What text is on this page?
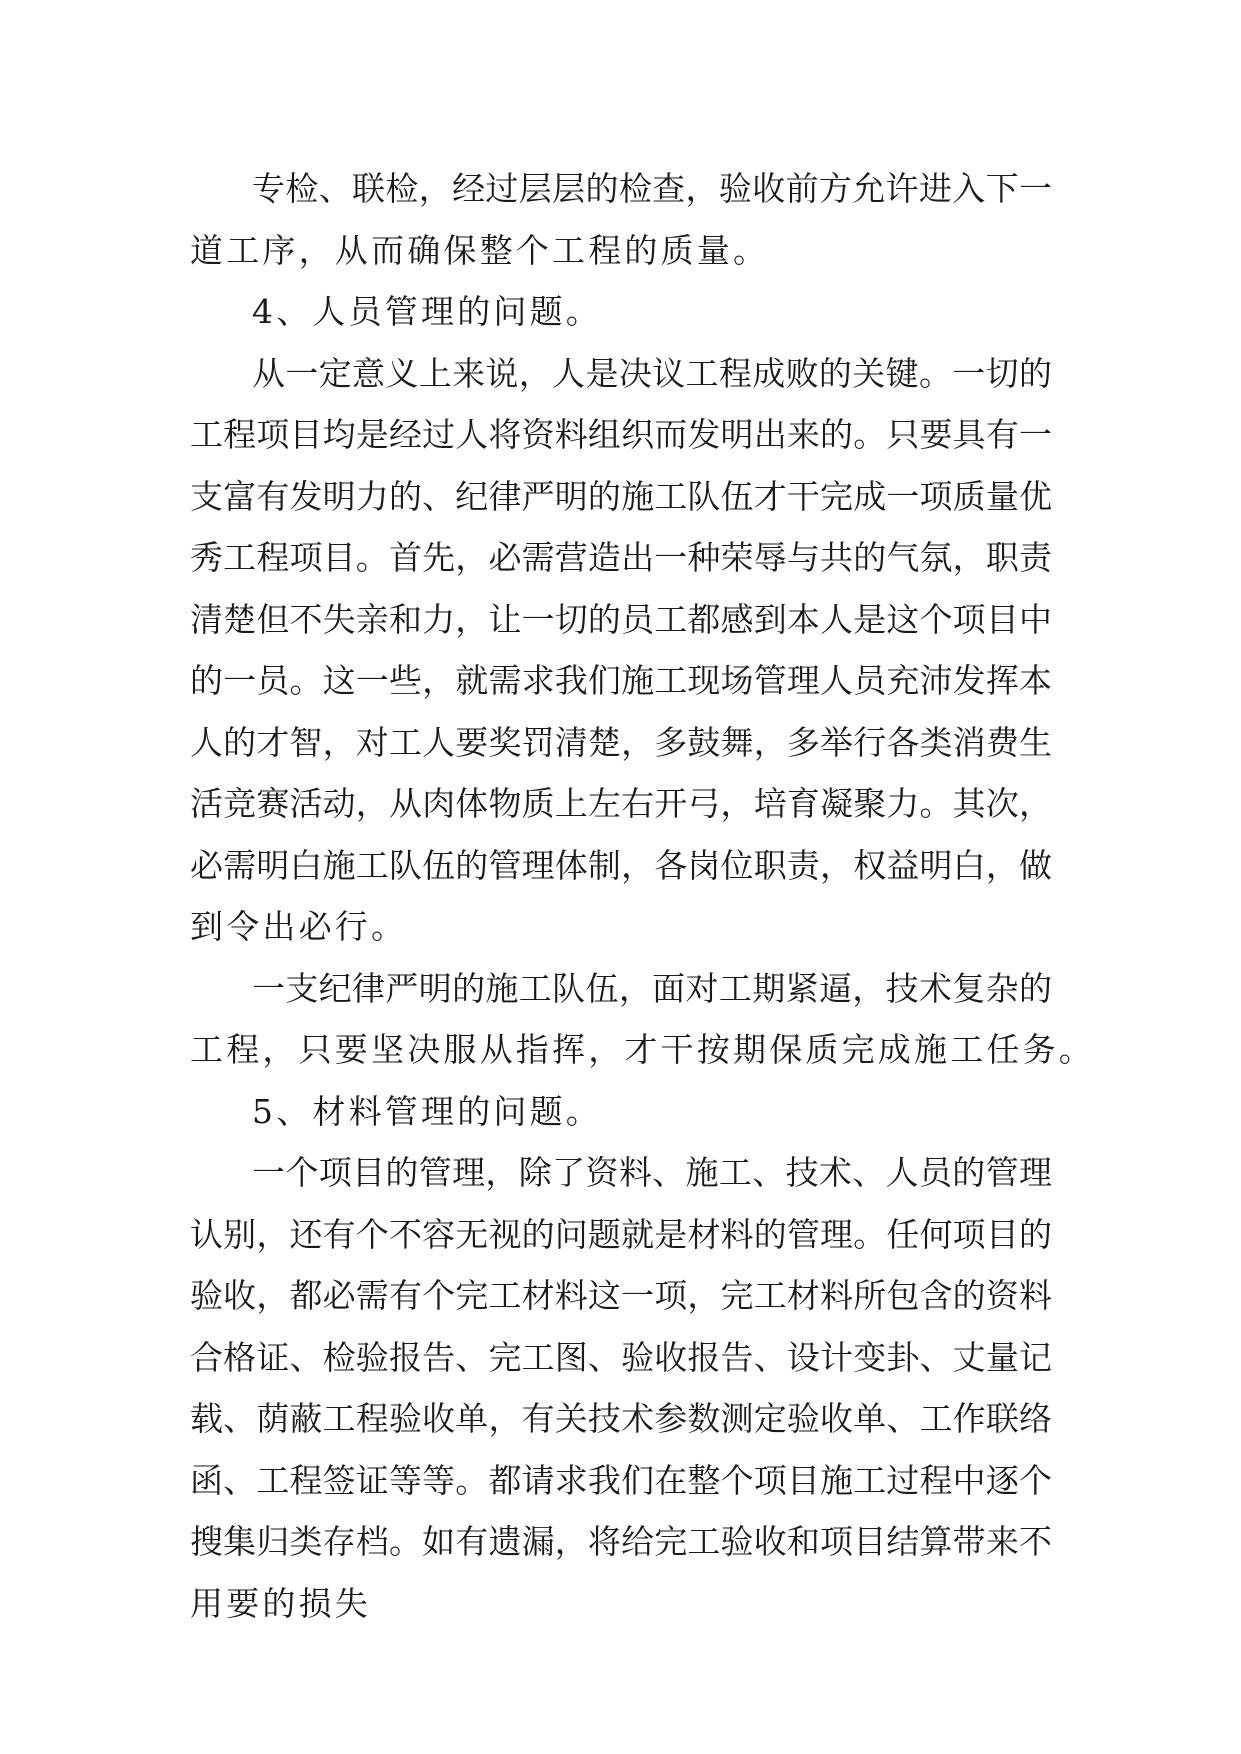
专检、联检，经过层层的检查，验收前方允许进入下一
道工序，从而确保整个工程的质量。
4、人员管理的问题。
从一定意义上来说，人是决议工程成败的关键。一切的
工程项目均是经过人将资料组织而发明出来的。只要具有一
支富有发明力的、纪律严明的施工队伍才干完成一项质量优
秀工程项目。首先，必需营造出一种荣辱与共的气氛，职责
清楚但不失亲和力，让一切的员工都感到本人是这个项目中
的一员。这一些，就需求我们施工现场管理人员充沛发挥本
人的才智，对工人要奖罚清楚，多鼓舞，多举行各类消费生
活竞赛活动，从肉体物质上左右开弓，培育凝聚力。其次，
必需明白施工队伍的管理体制，各岗位职责，权益明白，做
到令出必行。
一支纪律严明的施工队伍，面对工期紧逼，技术复杂的
工程，只要坚决服从指挥，才干按期保质完成施工任务。
5、材料管理的问题。
一个项目的管理，除了资料、施工、技术、人员的管理
认别，还有个不容无视的问题就是材料的管理。任何项目的
验收，都必需有个完工材料这一项，完工材料所包含的资料
合格证、检验报告、完工图、验收报告、设计变卦、丈量记
载、荫蔽工程验收单，有关技术参数测定验收单、工作联络
函、工程签证等等。都请求我们在整个项目施工过程中逐个
搜集归类存档。如有遗漏，将给完工验收和项目结算带来不
用要的损失
